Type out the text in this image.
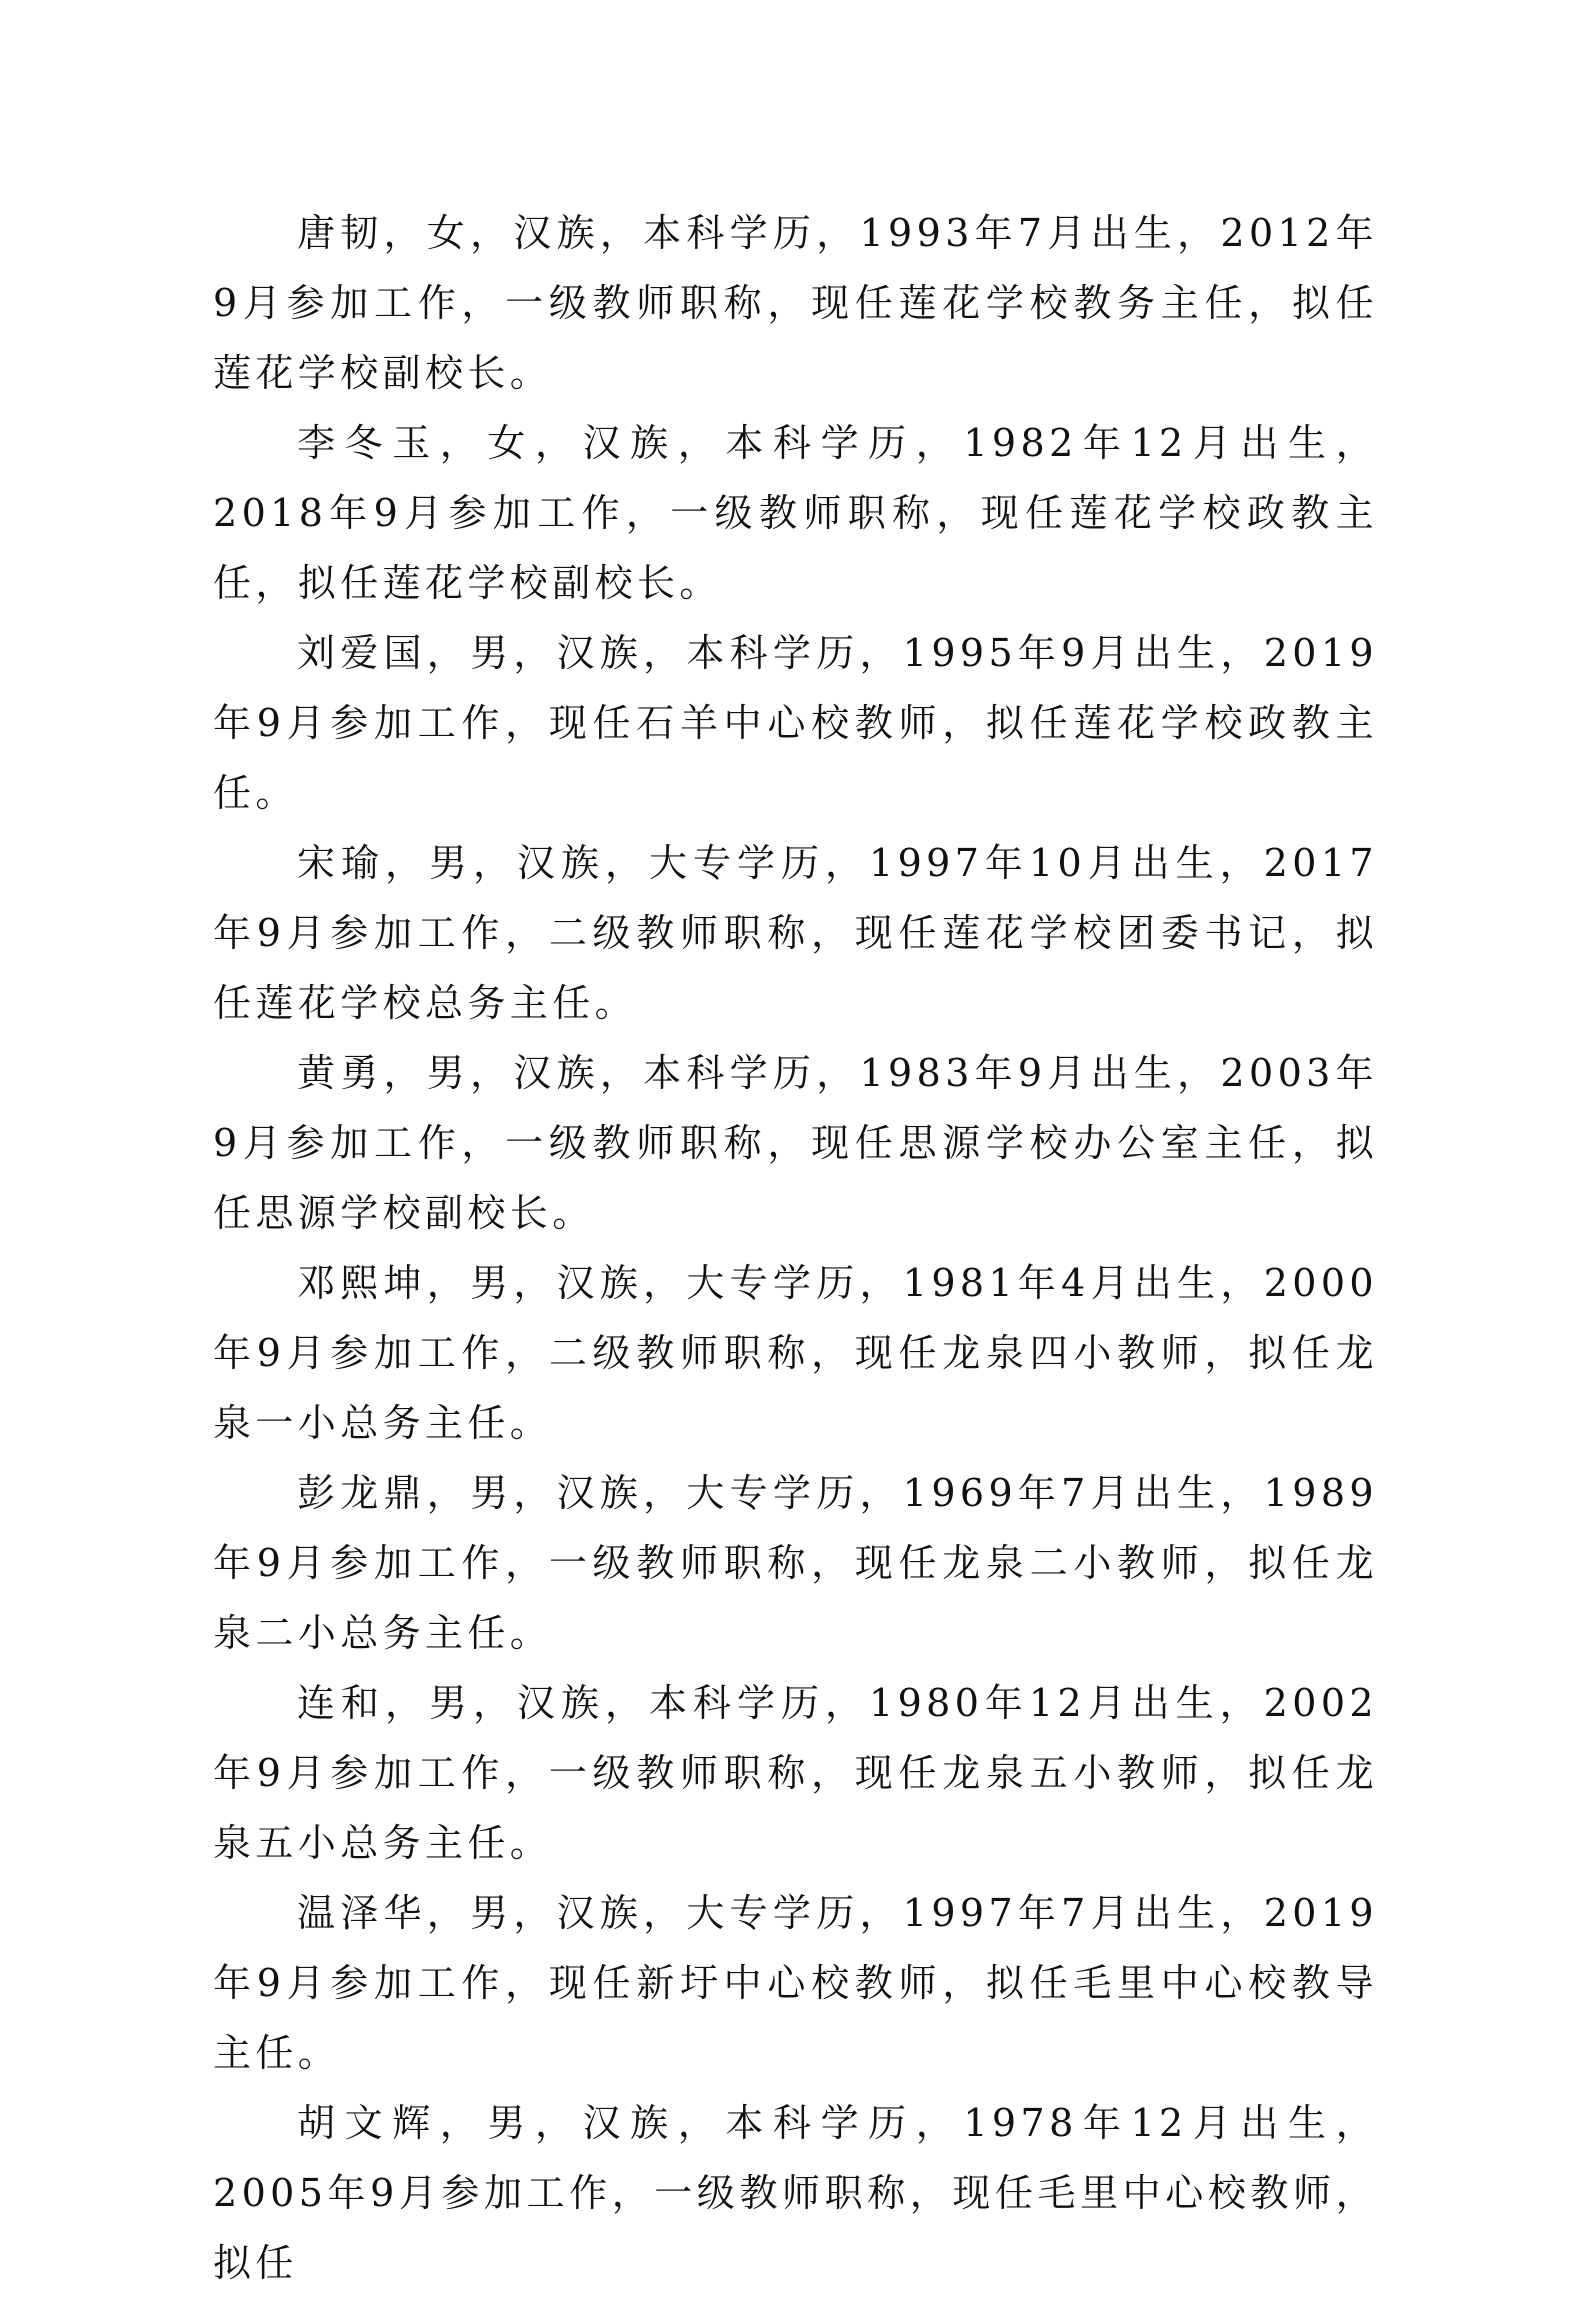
唐韧，女，汉族，本科学历，1993年7月出生，2012年9月参加工作，一级教师职称，现任莲花学校教务主任，拟任莲花学校副校长。

李冬玉，女，汉族，本科学历，1982年12月出生，2018年9月参加工作，一级教师职称，现任莲花学校政教主任，拟任莲花学校副校长。

刘爱国，男，汉族，本科学历，1995年9月出生，2019年9月参加工作，现任石羊中心校教师，拟任莲花学校政教主任。

宋瑜，男，汉族，大专学历，1997年10月出生，2017年9月参加工作，二级教师职称，现任莲花学校团委书记，拟任莲花学校总务主任。

黄勇，男，汉族，本科学历，1983年9月出生，2003年9月参加工作，一级教师职称，现任思源学校办公室主任，拟任思源学校副校长。

邓熙坤，男，汉族，大专学历，1981年4月出生，2000年9月参加工作，二级教师职称，现任龙泉四小教师，拟任龙泉一小总务主任。

彭龙鼎，男，汉族，大专学历，1969年7月出生，1989年9月参加工作，一级教师职称，现任龙泉二小教师，拟任龙泉二小总务主任。

连和，男，汉族，本科学历，1980年12月出生，2002年9月参加工作，一级教师职称，现任龙泉五小教师，拟任龙泉五小总务主任。

温泽华，男，汉族，大专学历，1997年7月出生，2019年9月参加工作，现任新圩中心校教师，拟任毛里中心校教导主任。

胡文辉，男，汉族，本科学历，1978年12月出生，2005年9月参加工作，一级教师职称，现任毛里中心校教师，拟任
